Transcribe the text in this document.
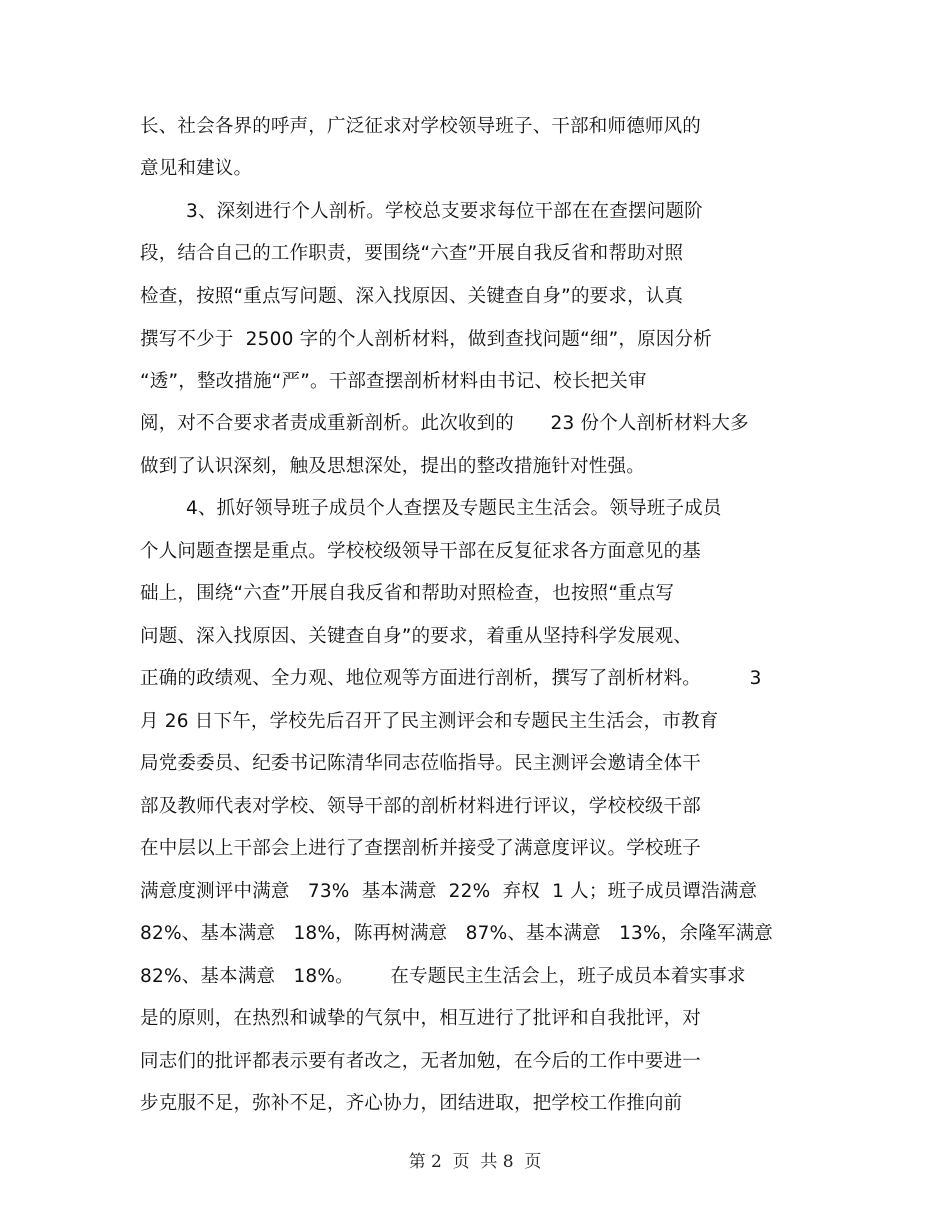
长、社会各界的呼声，广泛征求对学校领导班子、干部和师德师风的
意见和建议。
3、深刻进行个人剖析。学校总支要求每位干部在在查摆问题阶
段，结合自己的工作职责，要围绕“六查”开展自我反省和帮助对照
检查，按照“重点写问题、深入找原因、关键查自身”的要求，认真
撰写不少于  2500 字的个人剖析材料，做到查找问题“细”，原因分析
“透”，整改措施“严”。干部查摆剖析材料由书记、校长把关审
阅，对不合要求者责成重新剖析。此次收到的      23 份个人剖析材料大多
做到了认识深刻，触及思想深处，提出的整改措施针对性强。
4、抓好领导班子成员个人查摆及专题民主生活会。领导班子成员
个人问题查摆是重点。学校校级领导干部在反复征求各方面意见的基
础上，围绕“六查”开展自我反省和帮助对照检查，也按照“重点写
问题、深入找原因、关键查自身”的要求，着重从坚持科学发展观、
正确的政绩观、全力观、地位观等方面进行剖析，撰写了剖析材料。        3
月 26 日下午，学校先后召开了民主测评会和专题民主生活会，市教育
局党委委员、纪委书记陈清华同志莅临指导。民主测评会邀请全体干
部及教师代表对学校、领导干部的剖析材料进行评议，学校校级干部
在中层以上干部会上进行了查摆剖析并接受了满意度评议。学校班子
满意度测评中满意   73%  基本满意  22%  弃权  1 人；班子成员谭浩满意
82%、基本满意   18%，陈再树满意   87%、基本满意   13%，余隆军满意
82%、基本满意   18%。      在专题民主生活会上，班子成员本着实事求
是的原则，在热烈和诚挚的气氛中，相互进行了批评和自我批评，对
同志们的批评都表示要有者改之，无者加勉，在今后的工作中要进一
步克服不足，弥补不足，齐心协力，团结进取，把学校工作推向前
第 2  页  共 8  页
